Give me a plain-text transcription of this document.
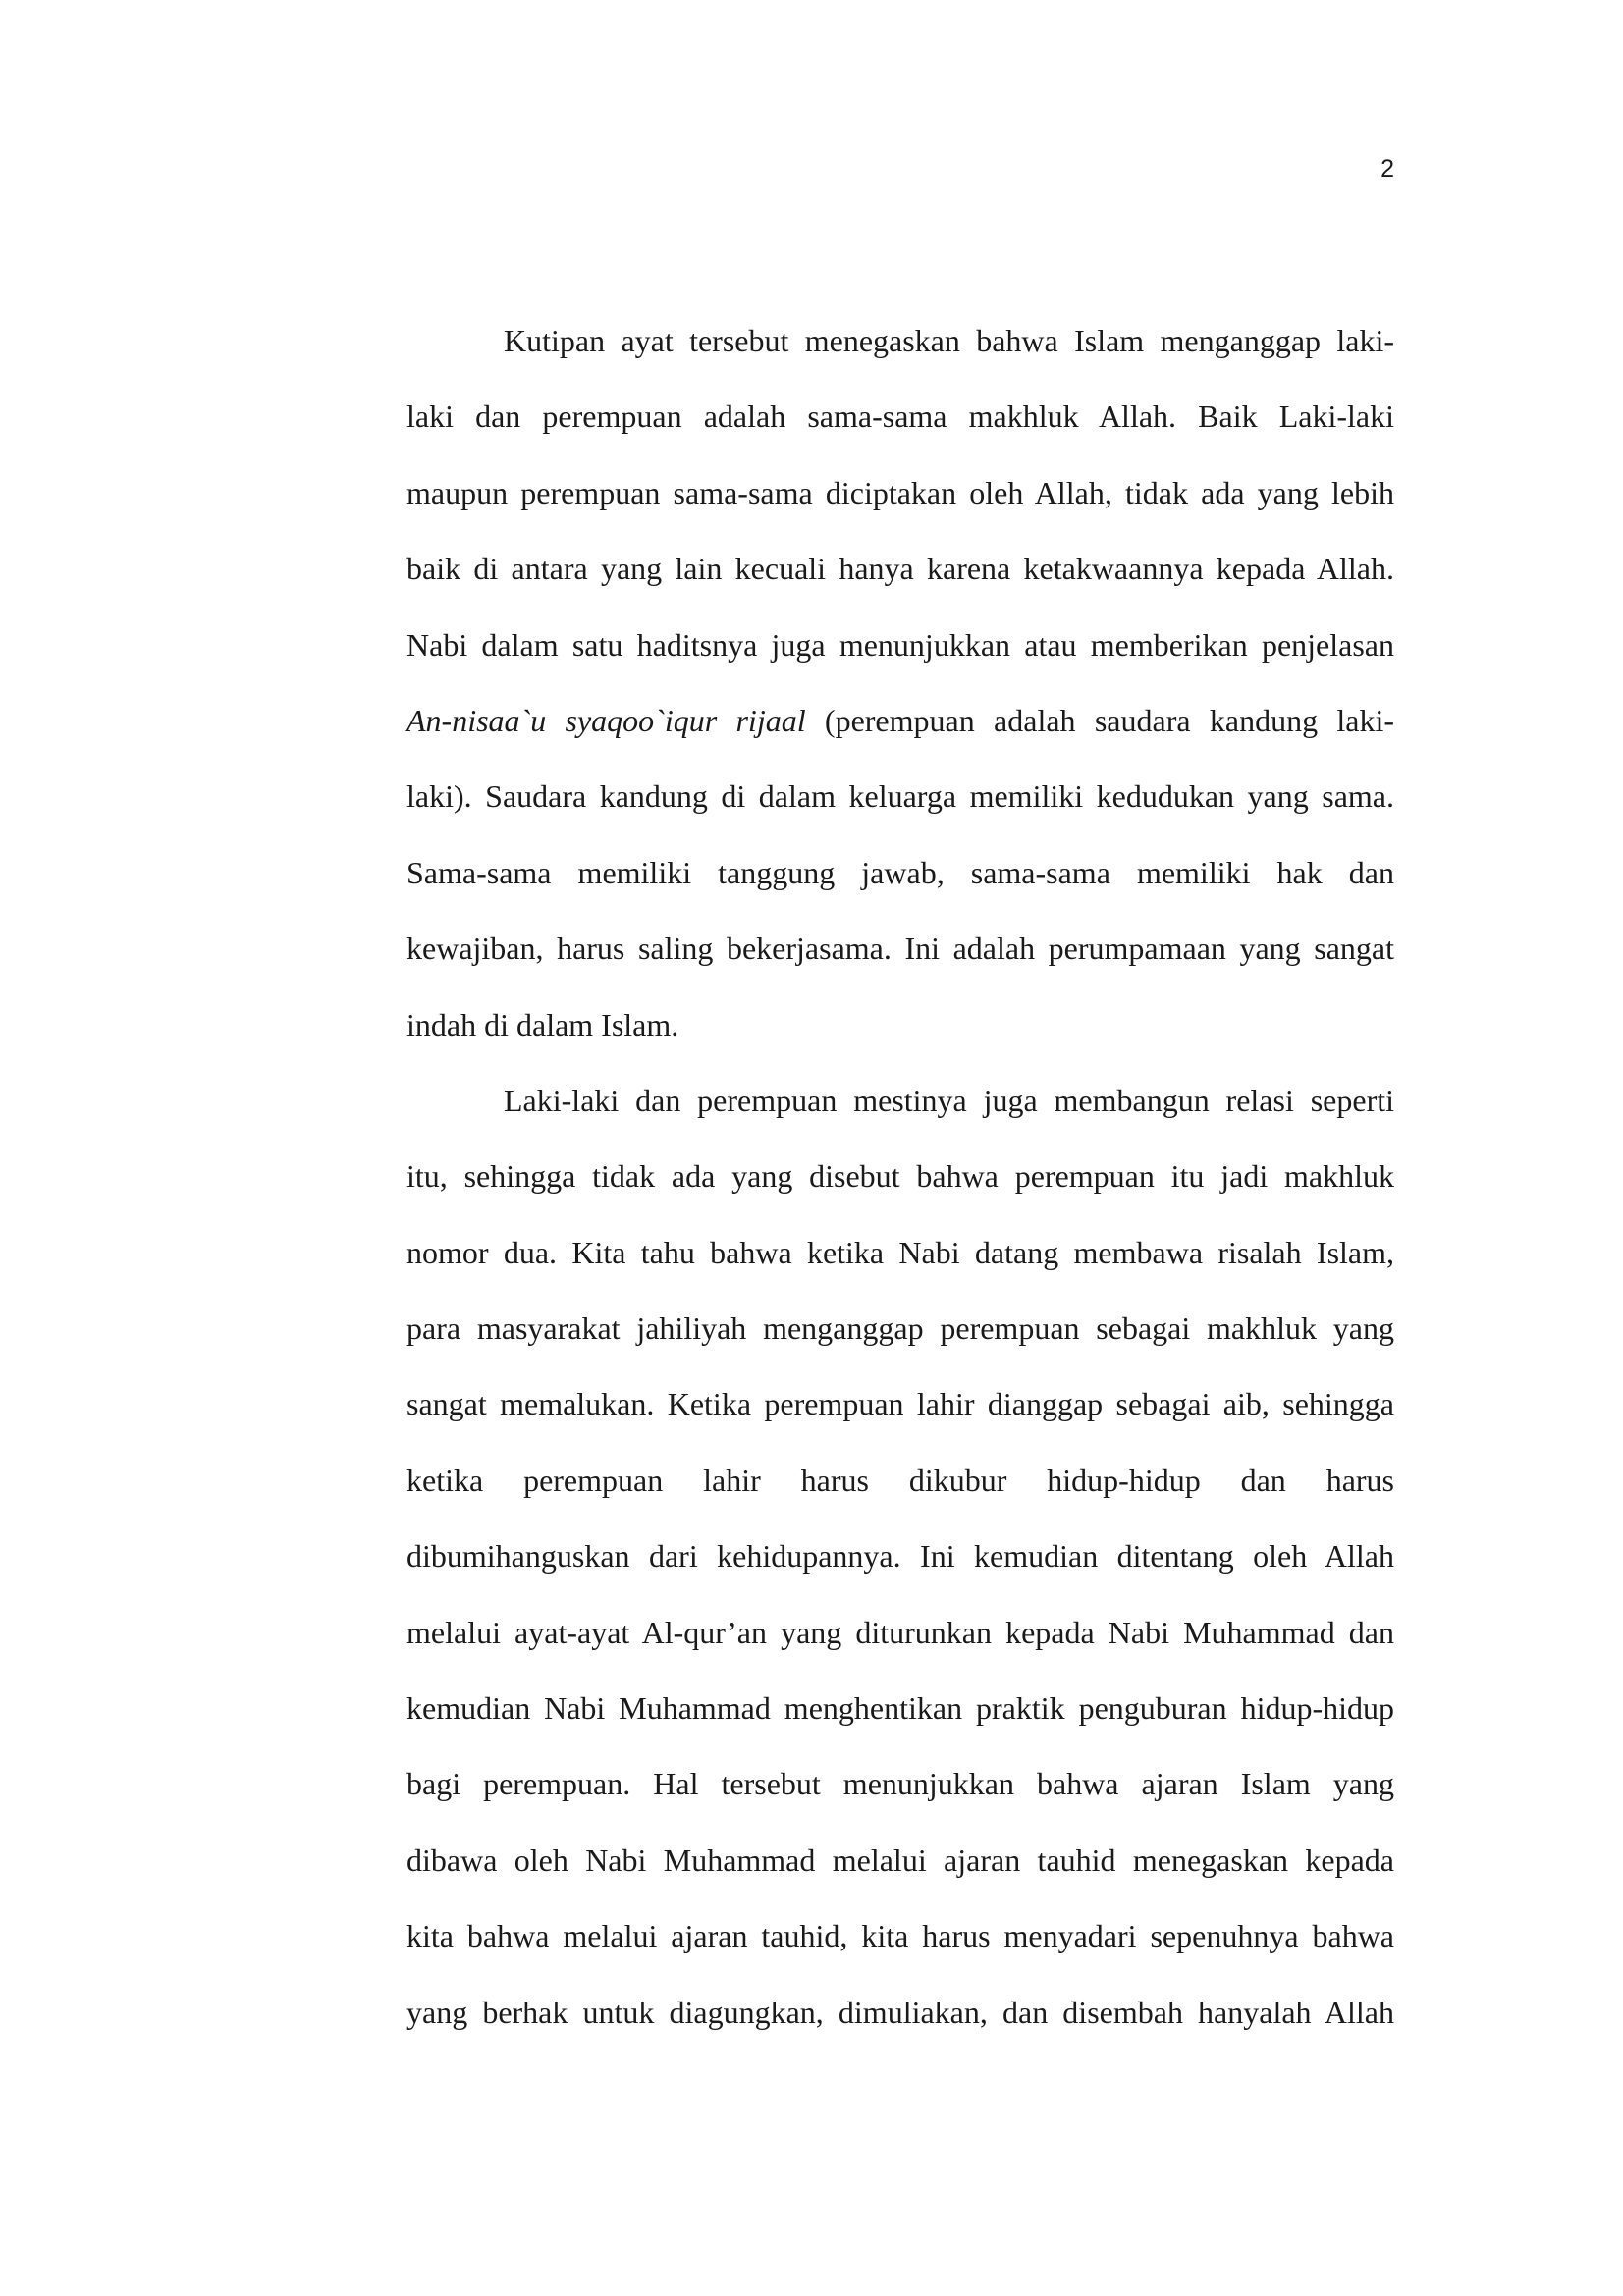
2
Kutipan ayat tersebut menegaskan bahwa Islam menganggap laki-
laki dan perempuan adalah sama-sama makhluk Allah. Baik Laki-laki
maupun perempuan sama-sama diciptakan oleh Allah, tidak ada yang lebih
baik di antara yang lain kecuali hanya karena ketakwaannya kepada Allah.
Nabi dalam satu haditsnya juga menunjukkan atau memberikan penjelasan
An-nisaa`u syaqoo`iqur rijaal (perempuan adalah saudara kandung laki-
laki). Saudara kandung di dalam keluarga memiliki kedudukan yang sama.
Sama-sama memiliki tanggung jawab, sama-sama memiliki hak dan
kewajiban, harus saling bekerjasama. Ini adalah perumpamaan yang sangat
indah di dalam Islam.
Laki-laki dan perempuan mestinya juga membangun relasi seperti
itu, sehingga tidak ada yang disebut bahwa perempuan itu jadi makhluk
nomor dua. Kita tahu bahwa ketika Nabi datang membawa risalah Islam,
para masyarakat jahiliyah menganggap perempuan sebagai makhluk yang
sangat memalukan. Ketika perempuan lahir dianggap sebagai aib, sehingga
ketika perempuan lahir harus dikubur hidup-hidup dan harus
dibumihanguskan dari kehidupannya. Ini kemudian ditentang oleh Allah
melalui ayat-ayat Al-qur’an yang diturunkan kepada Nabi Muhammad dan
kemudian Nabi Muhammad menghentikan praktik penguburan hidup-hidup
bagi perempuan. Hal tersebut menunjukkan bahwa ajaran Islam yang
dibawa oleh Nabi Muhammad melalui ajaran tauhid menegaskan kepada
kita bahwa melalui ajaran tauhid, kita harus menyadari sepenuhnya bahwa
yang berhak untuk diagungkan, dimuliakan, dan disembah hanyalah Allah
